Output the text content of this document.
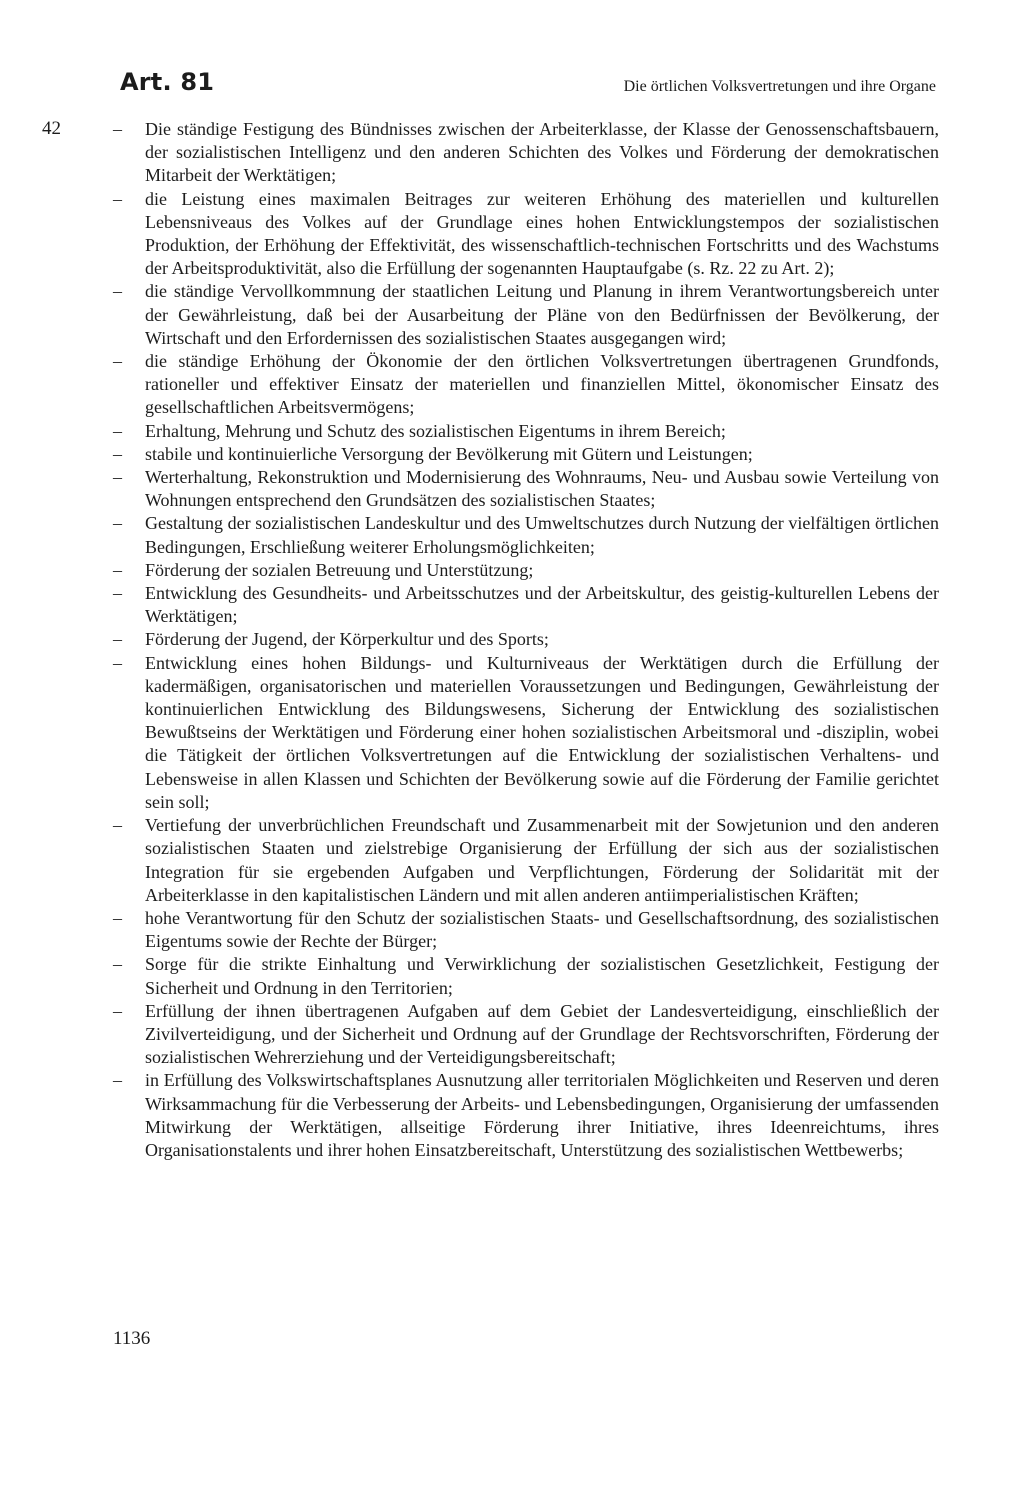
Art. 81	Die örtlichen Volksvertretungen und ihre Organe
42	– Die ständige Festigung des Bündnisses zwischen der Arbeiterklasse, der Klasse der Genossenschaftsbauern, der sozialistischen Intelligenz und den anderen Schichten des Volkes und Förderung der demokratischen Mitarbeit der Werktätigen;
– die Leistung eines maximalen Beitrages zur weiteren Erhöhung des materiellen und kulturellen Lebensniveaus des Volkes auf der Grundlage eines hohen Entwicklungstempos der sozialistischen Produktion, der Erhöhung der Effektivität, des wissenschaftlich-technischen Fortschritts und des Wachstums der Arbeitsproduktivität, also die Erfüllung der sogenannten Hauptaufgabe (s. Rz. 22 zu Art. 2);
– die ständige Vervollkommnung der staatlichen Leitung und Planung in ihrem Verantwortungsbereich unter der Gewährleistung, daß bei der Ausarbeitung der Pläne von den Bedürfnissen der Bevölkerung, der Wirtschaft und den Erfordernissen des sozialistischen Staates ausgegangen wird;
– die ständige Erhöhung der Ökonomie der den örtlichen Volksvertretungen übertragenen Grundfonds, rationeller und effektiver Einsatz der materiellen und finanziellen Mittel, ökonomischer Einsatz des gesellschaftlichen Arbeitsvermögens;
– Erhaltung, Mehrung und Schutz des sozialistischen Eigentums in ihrem Bereich;
– stabile und kontinuierliche Versorgung der Bevölkerung mit Gütern und Leistungen;
– Werterhaltung, Rekonstruktion und Modernisierung des Wohnraums, Neu- und Ausbau sowie Verteilung von Wohnungen entsprechend den Grundsätzen des sozialistischen Staates;
– Gestaltung der sozialistischen Landeskultur und des Umweltschutzes durch Nutzung der vielfältigen örtlichen Bedingungen, Erschließung weiterer Erholungsmöglichkeiten;
– Förderung der sozialen Betreuung und Unterstützung;
– Entwicklung des Gesundheits- und Arbeitsschutzes und der Arbeitskultur, des geistig-kulturellen Lebens der Werktätigen;
– Förderung der Jugend, der Körperkultur und des Sports;
– Entwicklung eines hohen Bildungs- und Kulturniveaus der Werktätigen durch die Erfüllung der kadermäßigen, organisatorischen und materiellen Voraussetzungen und Bedingungen, Gewährleistung der kontinuierlichen Entwicklung des Bildungswesens, Sicherung der Entwicklung des sozialistischen Bewußtseins der Werktätigen und Förderung einer hohen sozialistischen Arbeitsmoral und -disziplin, wobei die Tätigkeit der örtlichen Volksvertretungen auf die Entwicklung der sozialistischen Verhaltens- und Lebensweise in allen Klassen und Schichten der Bevölkerung sowie auf die Förderung der Familie gerichtet sein soll;
– Vertiefung der unverbrüchlichen Freundschaft und Zusammenarbeit mit der Sowjetunion und den anderen sozialistischen Staaten und zielstrebige Organisierung der Erfüllung der sich aus der sozialistischen Integration für sie ergebenden Aufgaben und Verpflichtungen, Förderung der Solidarität mit der Arbeiterklasse in den kapitalistischen Ländern und mit allen anderen antiimperialistischen Kräften;
– hohe Verantwortung für den Schutz der sozialistischen Staats- und Gesellschaftsordnung, des sozialistischen Eigentums sowie der Rechte der Bürger;
– Sorge für die strikte Einhaltung und Verwirklichung der sozialistischen Gesetzlichkeit, Festigung der Sicherheit und Ordnung in den Territorien;
– Erfüllung der ihnen übertragenen Aufgaben auf dem Gebiet der Landesverteidigung, einschließlich der Zivilverteidigung, und der Sicherheit und Ordnung auf der Grundlage der Rechtsvorschriften, Förderung der sozialistischen Wehrerziehung und der Verteidigungsbereitschaft;
– in Erfüllung des Volkswirtschaftsplanes Ausnutzung aller territorialen Möglichkeiten und Reserven und deren Wirksammachung für die Verbesserung der Arbeits- und Lebensbedingungen, Organisierung der umfassenden Mitwirkung der Werktätigen, allseitige Förderung ihrer Initiative, ihres Ideenreichtums, ihres Organisationstalents und ihrer hohen Einsatzbereitschaft, Unterstützung des sozialistischen Wettbewerbs;
1136
